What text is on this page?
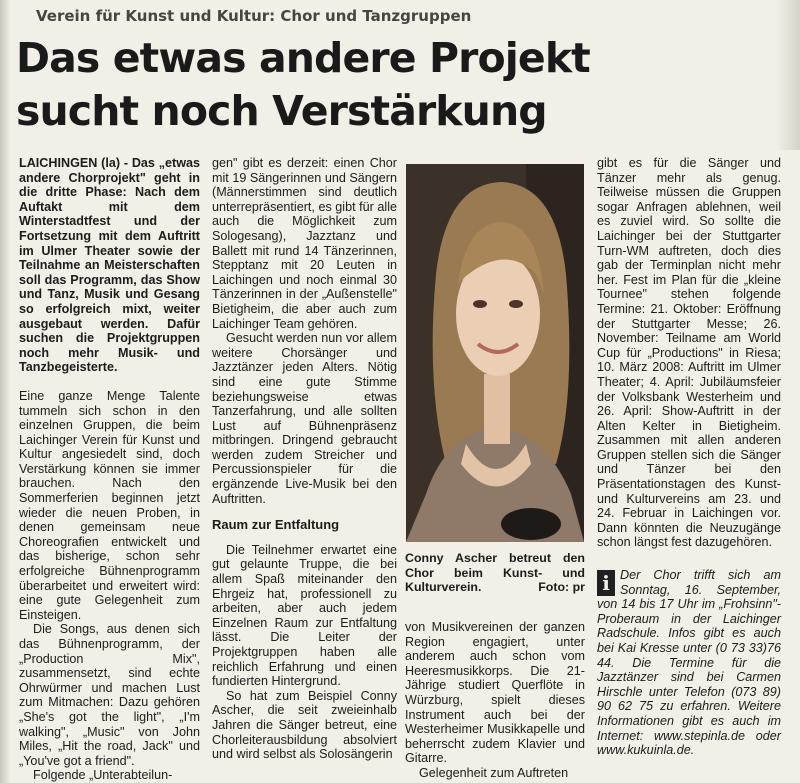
Verein für Kunst und Kultur: Chor und Tanzgruppen
Das etwas andere Projekt
sucht noch Verstärkung

LAICHINGEN (la) - Das „etwas andere Chorprojekt" geht in die dritte Phase: Nach dem Auftakt mit dem Winterstadtfest und der Fortsetzung mit dem Auftritt im Ulmer Theater sowie der Teilnahme an Meisterschaften soll das Programm, das Show und Tanz, Musik und Gesang so erfolgreich mixt, weiter ausgebaut werden. Dafür suchen die Projektgruppen noch mehr Musik- und Tanzbegeisterte.

Eine ganze Menge Talente tummeln sich schon in den einzelnen Gruppen, die beim Laichinger Verein für Kunst und Kultur angesiedelt sind, doch Verstärkung können sie immer brauchen. Nach den Sommerferien beginnen jetzt wieder die neuen Proben, in denen gemeinsam neue Choreografien entwickelt und das bisherige, schon sehr erfolgreiche Bühnenprogramm überarbeitet und erweitert wird: eine gute Gelegenheit zum Einsteigen.

Die Songs, aus denen sich das Bühnenprogramm, der „Production Mix", zusammensetzt, sind echte Ohrwürmer und machen Lust zum Mitmachen: Dazu gehören „She's got the light", „I'm walking", „Music" von John Miles, „Hit the road, Jack" und „You've got a friend".

Folgende „Unterabteilun-

gen" gibt es derzeit: einen Chor mit 19 Sängerinnen und Sängern (Männerstimmen sind deutlich unterrepräsentiert, es gibt für alle auch die Möglichkeit zum Sologesang), Jazztanz und Ballett mit rund 14 Tänzerinnen, Stepptanz mit 20 Leuten in Laichingen und noch einmal 30 Tänzerinnen in der „Außenstelle" Bietigheim, die aber auch zum Laichinger Team gehören.

Gesucht werden nun vor allem weitere Chorsänger und Jazztänzer jeden Alters. Nötig sind eine gute Stimme beziehungsweise etwas Tanzerfahrung, und alle sollten Lust auf Bühnenpräsenz mitbringen. Dringend gebraucht werden zudem Streicher und Percussionspieler für die ergänzende Live-Musik bei den Auftritten.

Raum zur Entfaltung

Die Teilnehmer erwartet eine gut gelaunte Truppe, die bei allem Spaß miteinander den Ehrgeiz hat, professionell zu arbeiten, aber auch jedem Einzelnen Raum zur Entfaltung lässt. Die Leiter der Projektgruppen haben alle reichlich Erfahrung und einen fundierten Hintergrund.

So hat zum Beispiel Conny Ascher, die seit zweieinhalb Jahren die Sänger betreut, eine Chorleiterausbildung absolviert und wird selbst als Solosängerin

Conny Ascher betreut den Chor beim Kunst- und Kulturverein.	Foto: pr

von Musikvereinen der ganzen Region engagiert, unter anderem auch schon vom Heeresmusikkorps. Die 21-Jährige studiert Querflöte in Würzburg, spielt dieses Instrument auch bei der Westerheimer Musikkapelle und beherrscht zudem Klavier und Gitarre.

Gelegenheit zum Auftreten

gibt es für die Sänger und Tänzer mehr als genug. Teilweise müssen die Gruppen sogar Anfragen ablehnen, weil es zuviel wird. So sollte die Laichinger bei der Stuttgarter Turn-WM auftreten, doch dies gab der Terminplan nicht mehr her. Fest im Plan für die „kleine Tournee" stehen folgende Termine: 21. Oktober: Eröffnung der Stuttgarter Messe; 26. November: Teilname am World Cup für „Productions" in Riesa; 10. März 2008: Auftritt im Ulmer Theater; 4. April: Jubiläumsfeier der Volksbank Westerheim und 26. April: Show-Auftritt in der Alten Kelter in Bietigheim. Zusammen mit allen anderen Gruppen stellen sich die Sänger und Tänzer bei den Präsentationstagen des Kunst- und Kulturvereins am 23. und 24. Februar in Laichingen vor. Dann könnten die Neuzugänge schon längst fest dazugehören.

i Der Chor trifft sich am Sonntag, 16. September, von 14 bis 17 Uhr im „Frohsinn"-Proberaum in der Laichinger Radschule. Infos gibt es auch bei Kai Kresse unter (0 73 33)76 44. Die Termine für die Jazztänzer sind bei Carmen Hirschle unter Telefon (073 89) 90 62 75 zu erfahren. Weitere Informationen gibt es auch im Internet: www.stepinla.de oder www.kukuinla.de.
